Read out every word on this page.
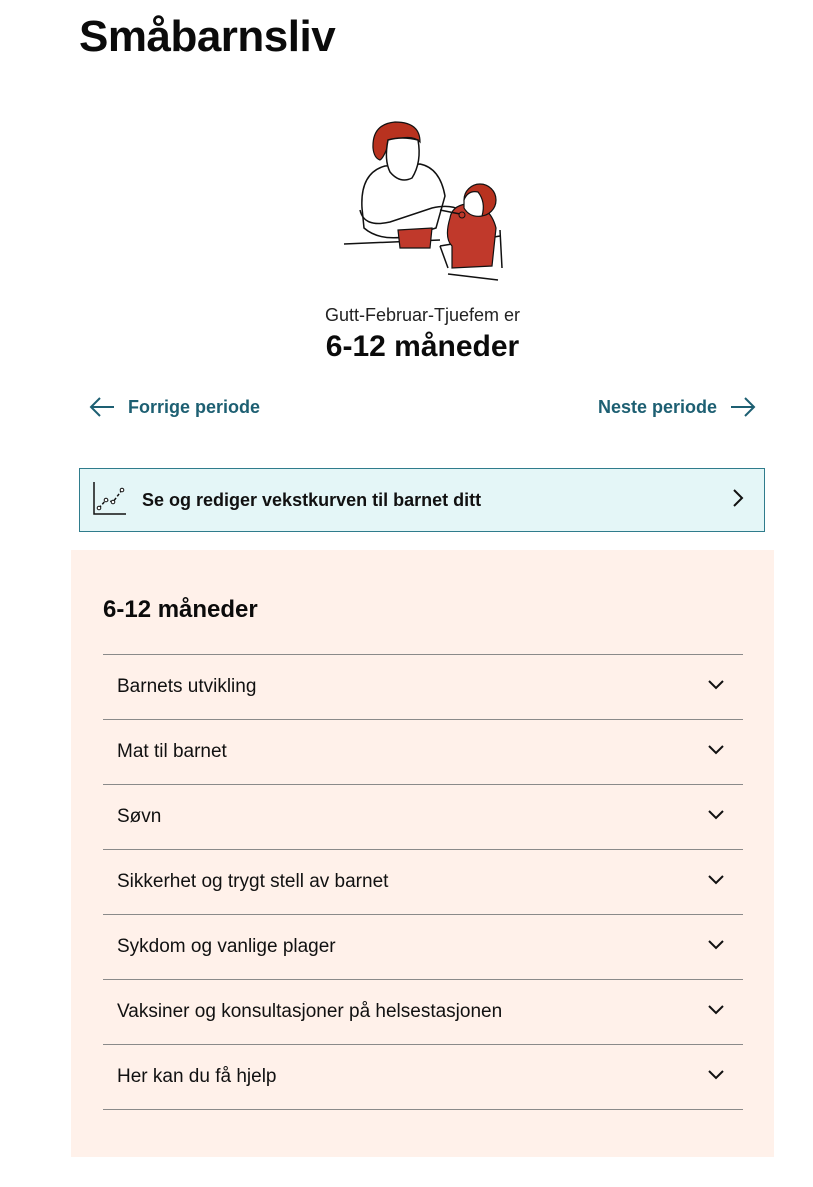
Småbarnsliv
Gutt-Februar-Tjuefem er
6-12 måneder
Forrige periode	Neste periode
Se og rediger vekstkurven til barnet ditt
6-12 måneder
Barnets utvikling
Mat til barnet
Søvn
Sikkerhet og trygt stell av barnet
Sykdom og vanlige plager
Vaksiner og konsultasjoner på helsestasjonen
Her kan du få hjelp
